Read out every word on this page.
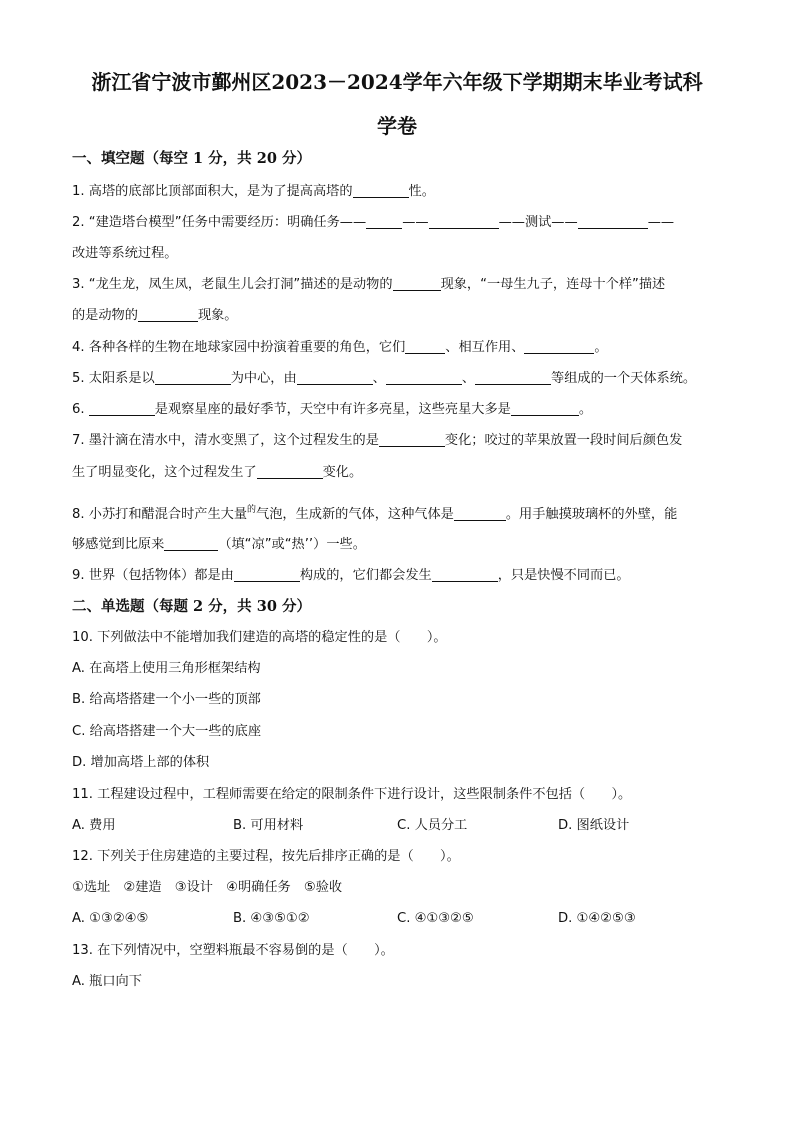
浙江省宁波市鄞州区2023－2024学年六年级下学期期末毕业考试科
学卷
一、填空题（每空 1 分，共 20 分）
1. 高塔的底部比顶部面积大，是为了提高高塔的	性。
2. “建造塔台模型”任务中需要经历：明确任务——	——	——测试——	——
改进等系统过程。
3. “龙生龙，凤生凤，老鼠生儿会打洞”描述的是动物的	现象，“一母生九子，连母十个样”描述
的是动物的	现象。
4. 各种各样的生物在地球家园中扮演着重要的角色，它们	、相互作用、	。
5. 太阳系是以	为中心，由	、	、	等组成的一个天体系统。
6.	是观察星座的最好季节，天空中有许多亮星，这些亮星大多是	。
7. 墨汁滴在清水中，清水变黑了，这个过程发生的是	变化；咬过的苹果放置一段时间后颜色发
生了明显变化，这个过程发生了	变化。
8. 小苏打和醋混合时产生大量$^的$气泡，生成新的气体，这种气体是	。用手触摸玻璃杯的外壁，能
够感觉到比原来	（填“凉”或“热’’）一些。
9. 世界（包括物体）都是由	构成的，它们都会发生	，只是快慢不同而已。
二、单选题（每题 2 分，共 30 分）
10. 下列做法中不能增加我们建造的高塔的稳定性的是（　　）。
A. 在高塔上使用三角形框架结构
B. 给高塔搭建一个小一些的顶部
C. 给高塔搭建一个大一些的底座
D. 增加高塔上部的体积
11. 工程建设过程中，工程师需要在给定的限制条件下进行设计，这些限制条件不包括（　　）。
A. 费用	B. 可用材料	C. 人员分工	D. 图纸设计
12. 下列关于住房建造的主要过程，按先后排序正确的是（　　）。
①选址　②建造　③设计　④明确任务　⑤验收
A. ①③②④⑤	B. ④③⑤①②	C. ④①③②⑤	D. ①④②⑤③
13. 在下列情况中，空塑料瓶最不容易倒的是（　　）。
A. 瓶口向下
